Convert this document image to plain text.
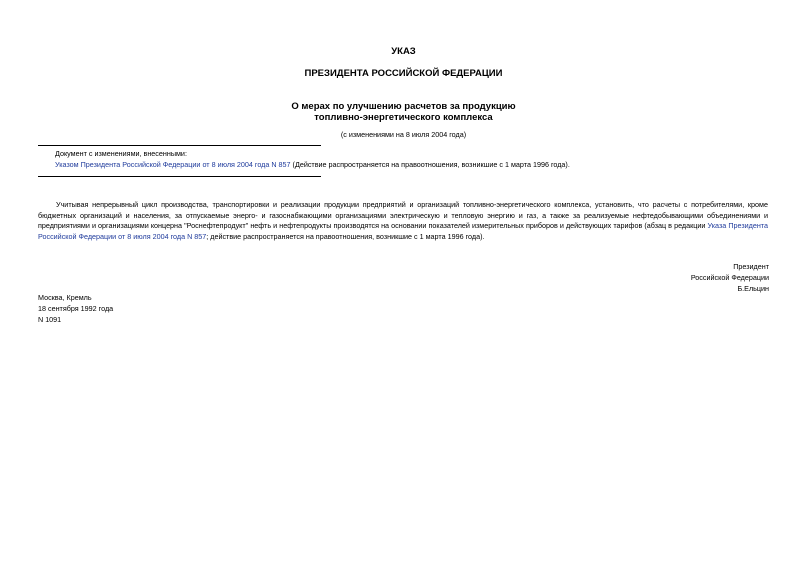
УКАЗ
ПРЕЗИДЕНТА РОССИЙСКОЙ ФЕДЕРАЦИИ
О мерах по улучшению расчетов за продукцию
топливно-энергетического комплекса
(с изменениями на 8 июля 2004 года)
Документ с изменениями, внесенными:
Указом Президента Российской Федерации от 8 июля 2004 года N 857 (Действие распространяется на правоотношения, возникшие с 1 марта 1996 года).
Учитывая непрерывный цикл производства, транспортировки и реализации продукции предприятий и организаций топливно-энергетического комплекса, установить, что расчеты с потребителями, кроме бюджетных организаций и населения, за отпускаемые энерго- и газоснабжающими организациями электрическую и тепловую энергию и газ, а также за реализуемые нефтедобывающими объединениями и предприятиями и организациями концерна "Роснефтепродукт" нефть и нефтепродукты производятся на основании показателей измерительных приборов и действующих тарифов (абзац в редакции Указа Президента Российской Федерации от 8 июля 2004 года N 857; действие распространяется на правоотношения, возникшие с 1 марта 1996 года).
Президент
Российской Федерации
Б.Ельцин
Москва, Кремль
18 сентября 1992 года
N 1091
